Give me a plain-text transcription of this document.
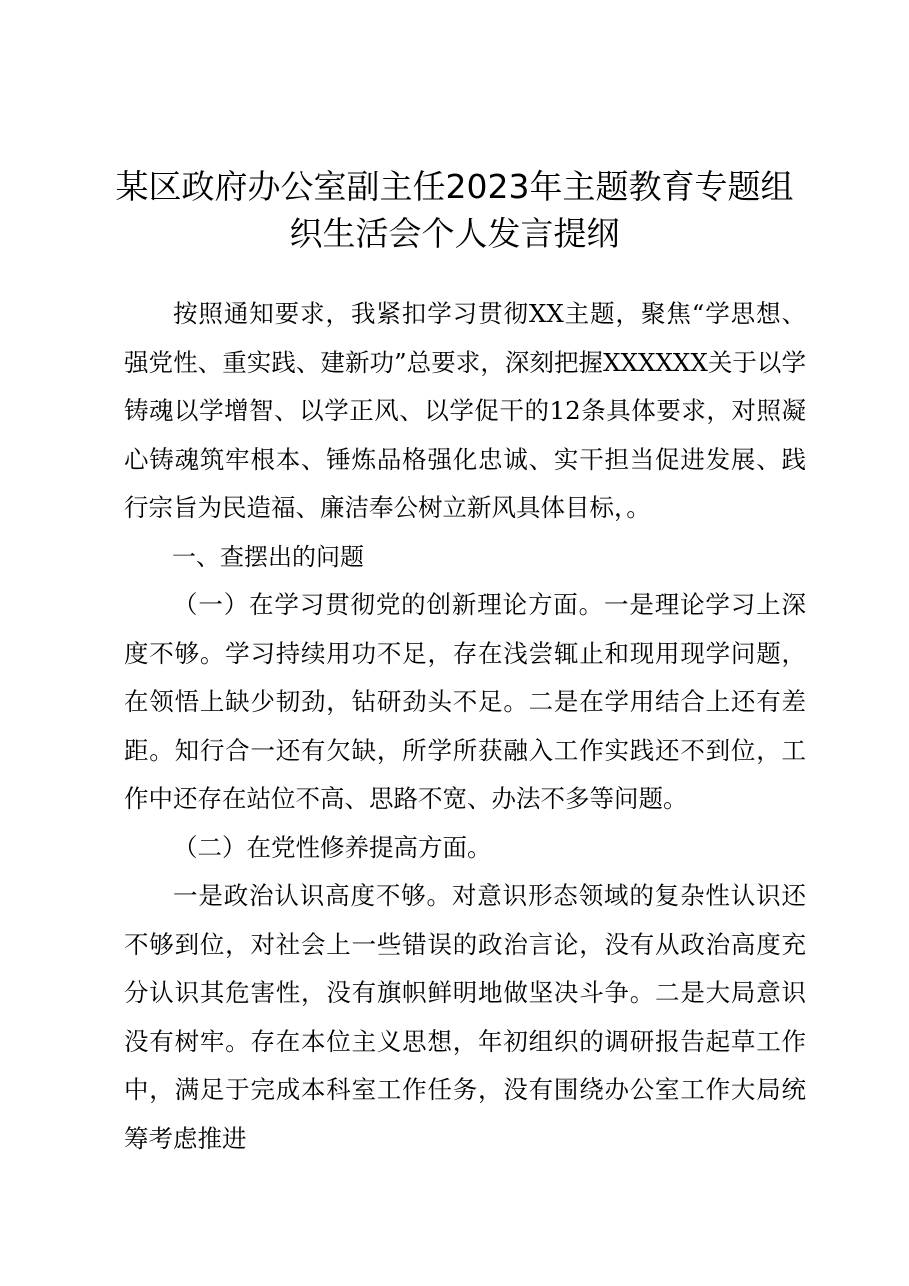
某区政府办公室副主任2023年主题教育专题组
织生活会个人发言提纲

按照通知要求，我紧扣学习贯彻XX主题，聚焦“学思想、强党性、重实践、建新功”总要求，深刻把握XXXXXX关于以学铸魂以学增智、以学正风、以学促干的12条具体要求，对照凝心铸魂筑牢根本、锤炼品格强化忠诚、实干担当促进发展、践行宗旨为民造福、廉洁奉公树立新风具体目标，。

一、查摆出的问题

（一）在学习贯彻党的创新理论方面。一是理论学习上深度不够。学习持续用功不足，存在浅尝辄止和现用现学问题，在领悟上缺少韧劲，钻研劲头不足。二是在学用结合上还有差距。知行合一还有欠缺，所学所获融入工作实践还不到位，工作中还存在站位不高、思路不宽、办法不多等问题。

（二）在党性修养提高方面。

一是政治认识高度不够。对意识形态领域的复杂性认识还不够到位，对社会上一些错误的政治言论，没有从政治高度充分认识其危害性，没有旗帜鲜明地做坚决斗争。二是大局意识没有树牢。存在本位主义思想，年初组织的调研报告起草工作中，满足于完成本科室工作任务，没有围绕办公室工作大局统筹考虑推进
